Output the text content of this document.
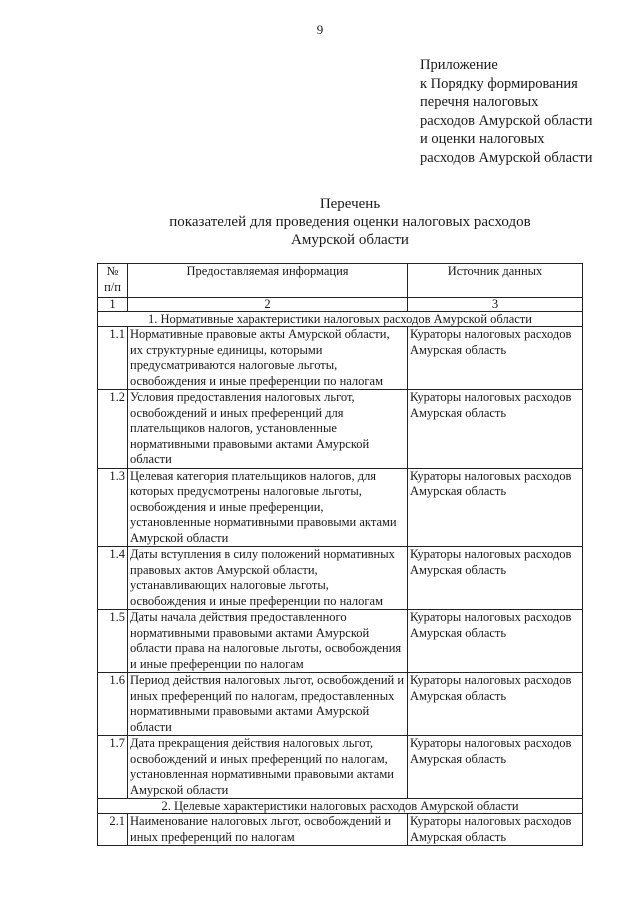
9
Приложение
к Порядку формирования
перечня налоговых
расходов Амурской области
и оценки налоговых
расходов Амурской области
Перечень
показателей для проведения оценки налоговых расходов
Амурской области
№ п/п	Предоставляемая информация	Источник данных
1	2	3
1. Нормативные характеристики налоговых расходов Амурской области		
1.1	Нормативные правовые акты Амурской области, их структурные единицы, которыми предусматриваются налоговые льготы, освобождения и иные преференции по налогам	Кураторы налоговых расходов Амурская область
1.2	Условия предоставления налоговых льгот, освобождений и иных преференций для плательщиков налогов, установленные нормативными правовыми актами Амурской области	Кураторы налоговых расходов Амурская область
1.3	Целевая категория плательщиков налогов, для которых предусмотрены налоговые льготы, освобождения и иные преференции, установленные нормативными правовыми актами Амурской области	Кураторы налоговых расходов Амурская область
1.4	Даты вступления в силу положений нормативных правовых актов Амурской области, устанавливающих налоговые льготы, освобождения и иные преференции по налогам	Кураторы налоговых расходов Амурская область
1.5	Даты начала действия предоставленного нормативными правовыми актами Амурской области права на налоговые льготы, освобождения и иные преференции по налогам	Кураторы налоговых расходов Амурская область
1.6	Период действия налоговых льгот, освобождений и иных преференций по налогам, предоставленных нормативными правовыми актами Амурской области	Кураторы налоговых расходов Амурская область
1.7	Дата прекращения действия налоговых льгот, освобождений и иных преференций по налогам, установленная нормативными правовыми актами Амурской области	Кураторы налоговых расходов Амурская область
2. Целевые характеристики налоговых расходов Амурской области		
2.1	Наименование налоговых льгот, освобождений и иных преференций по налогам	Кураторы налоговых расходов Амурская область
